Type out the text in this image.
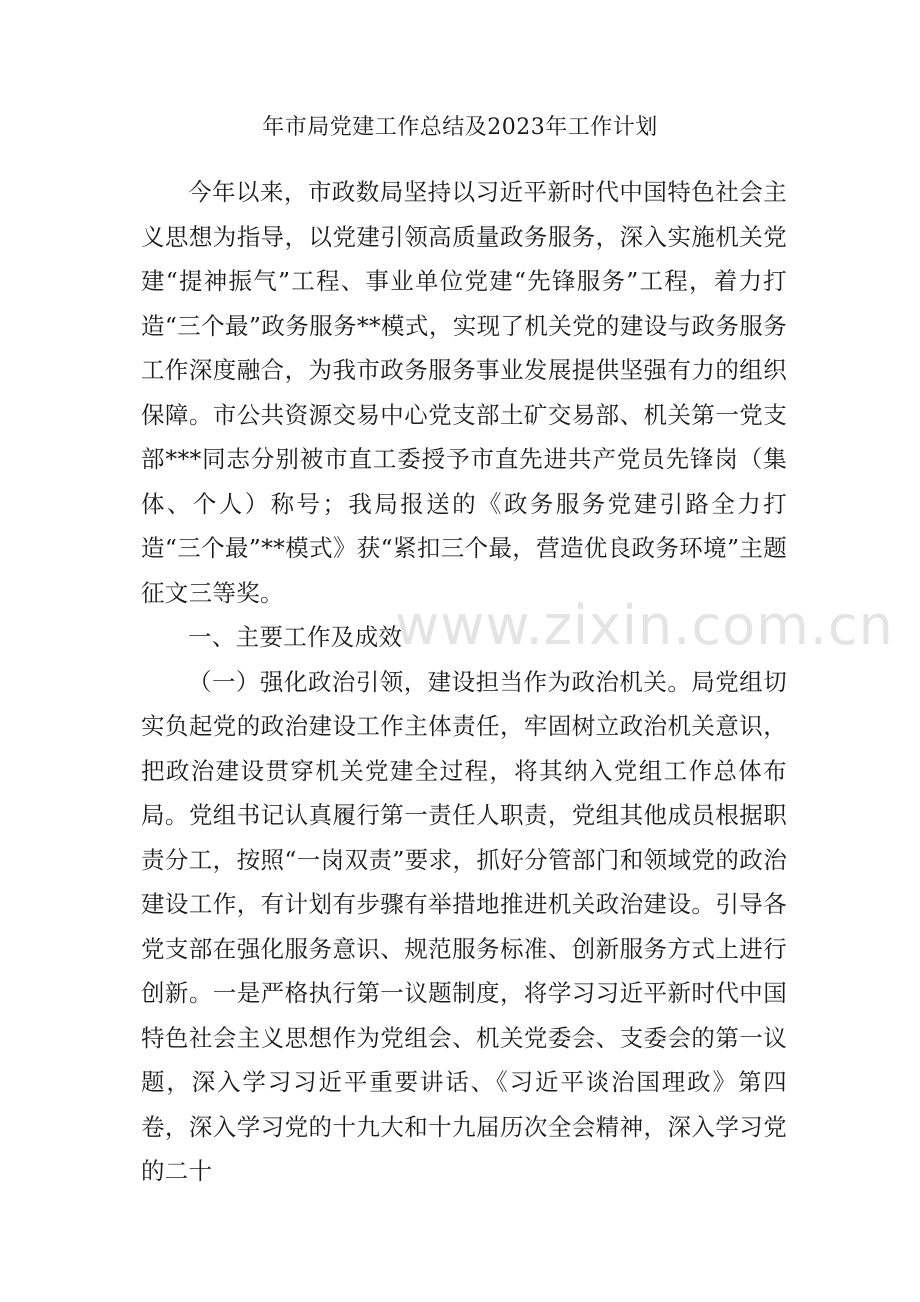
年市局党建工作总结及2023年工作计划

今年以来，市政数局坚持以习近平新时代中国特色社会主义思想为指导，以党建引领高质量政务服务，深入实施机关党建“提神振气”工程、事业单位党建“先锋服务”工程，着力打造“三个最”政务服务**模式，实现了机关党的建设与政务服务工作深度融合，为我市政务服务事业发展提供坚强有力的组织保障。市公共资源交易中心党支部土矿交易部、机关第一党支部***同志分别被市直工委授予市直先进共产党员先锋岗（集体、个人）称号；我局报送的《政务服务党建引路全力打造“三个最”**模式》获“紧扣三个最，营造优良政务环境”主题征文三等奖。

一、主要工作及成效

（一）强化政治引领，建设担当作为政治机关。局党组切实负起党的政治建设工作主体责任，牢固树立政治机关意识，把政治建设贯穿机关党建全过程，将其纳入党组工作总体布局。党组书记认真履行第一责任人职责，党组其他成员根据职责分工，按照“一岗双责”要求，抓好分管部门和领域党的政治建设工作，有计划有步骤有举措地推进机关政治建设。引导各党支部在强化服务意识、规范服务标准、创新服务方式上进行创新。一是严格执行第一议题制度，将学习习近平新时代中国特色社会主义思想作为党组会、机关党委会、支委会的第一议题，深入学习习近平重要讲话、《习近平谈治国理政》第四卷，深入学习党的十九大和十九届历次全会精神，深入学习党的二十

www.zixin.com.cn
